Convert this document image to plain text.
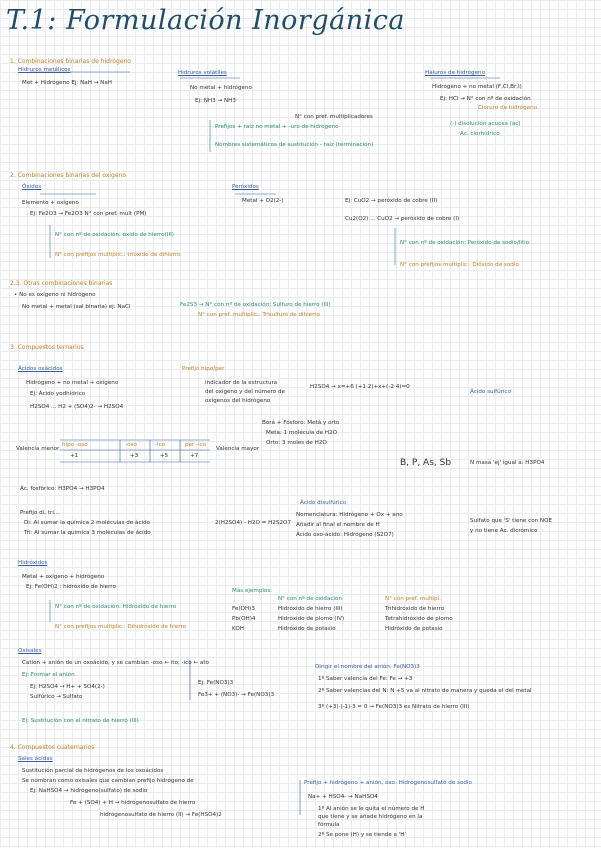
T.1: Formulación Inorgánica
1. Combinaciones binarias de hidrógeno
Hidruros metálicos
Met + Hidrógeno Ej: NaH → NaH
Hidruros volátiles
No metal + hidrógeno
Ej: NH3 → NH3
N° con pref. multiplicadores
Prefijos + raíz no metal + -uro de hidrógeno
Nombres sistemáticos de sustitución - raíz (terminación)
Haluros de hidrógeno
Hidrógeno + no metal (F,Cl,Br,I)
Ej: HCl → N° con nº de oxidación
Cloruro de hidrógeno
(-) disolución acuosa (ac)
Ac. clorhídrico
2. Combinaciones binarias del oxígeno
Óxidos
Elemento + oxígeno
Ej: Fe2O3 → Fe2O3 N° con pref. mult (PM)
N° con nº de oxidación: óxido de hierro(III)
N° con prefijos multiplic.: trióxido de dihierro
Peróxidos
Metal + O2(2-)	Ej: CuO2 → peróxido de cobre (II)
Cu2(O2) ... CuO2 → peróxido de cobre (I)
N° con nº de oxidación: Peróxido de sodio/litio
N° con prefijos multiplic.: Dióxido de sodio
2.3. Otras combinaciones binarias
• No es oxígeno ni hidrógeno
No metal + metal (sal binaria) ej: NaCl	Fe2S3 → N° con nº de oxidación: Sulfuro de hierro (III)
N° con pref. multiplic.: Trisulfuro de dihierro
3. Compuestos ternarios
Ácidos oxácidos
Hidrógeno + no metal + oxígeno
Ej: Ácido yodhídrico
H2SO4 ... H2 + (SO4)2- → H2SO4
Prefijo hipo/per
indicador de la estructura
del oxígeno y del número de
oxígenos del hidrógeno
H2SO4 → x=+6 (+1·2)+x+(-2·4)=0
Ácido sulfúrico
Valencia menor
hipo -oso	-oso	-ico	per -ico
+1	+3	+5	+7
Valencia mayor
Borá + Fósforo: Metá y orto
Meta: 1 molécula de H2O
Orto: 3 moles de H2O
B, P, As, Sb	N masa 'ej' igual a: H3PO4
Ác. fosfórico: H3PO4 → H3PO4
Prefijo di, tri...
Di: Al sumar la química 2 moléculas de ácido
Tri: Al sumar la química 3 moléculas de ácido
2(H2SO4) - H2O = H2S2O7
Ácido disulfúrico
Nomenclatura: Hidrógeno + Ox + ano
Añadir al final el nombre de H
Ácido oxo-ácido: Hidrógeno (S2O7)
Sulfato que 'S' tiene con NOE
y no tiene Ac. dicrómico
Hidróxidos
Metal + oxígeno + hidrógeno
Ej: Fe(OH)2 : hidróxido de hierro
N° con nº de oxidación: Hidróxido de hierro
N° con prefijos multiplic.: Dihidróxido de hierro
Más ejemplos:
N° con nº de oxidación	N° con pref. multipl.
Fe(OH)3	Hidróxido de hierro (III)	Trihidróxido de hierro
Pb(OH)4	Hidróxido de plomo (IV)	Tetrahidróxido de plomo
KOH	Hidróxido de potasio	Hidróxido de potasio
Oxisales
Catión + anión de un oxoácido, y se cambian -oso ← ito; -ico ← ato
Ej: Formar el anión
Ej: H2SO4 → H+ + SO4(2-)
Sulfúrico → Sulfato
Ej: Sustitución con el nitrato de hierro (III)
Ej: Fe(NO3)3
Fe3+ + (NO3)- → Fe(NO3)3
Dirigir el nombre del anión, Fe(NO3)3
1º Saber valencia del Fe: Fe → +3
2º Saber valencias del N: N +5 va al nitrato de manera y queda el del metal
3º (+3)·(-1)·3 = 0 → Fe(NO3)3 es Nitrato de hierro (III)
4. Compuestos cuaternarios
Sales ácidas
Sustitución parcial de hidrógenos de los oxoácidos
Se nombran como oxisales que cambian prefijo hidrógeno de
Ej: NaHSO4 → hidrógeno(sulfato) de sodio
Fe + (SO4) + H → hidrógenosulfato de hierro
hidrógenosulfato de hierro (II) → Fe(HSO4)2
Prefijo + hidrógeno + anión, oxo: Hidrógenosulfato de sodio
Na+ + HSO4- → NaHSO4
1º Al anión se le quita el número de H
que tiene y se añade hidrógeno en la
fórmula
2º Se pone (H) y se tiende a 'H'
